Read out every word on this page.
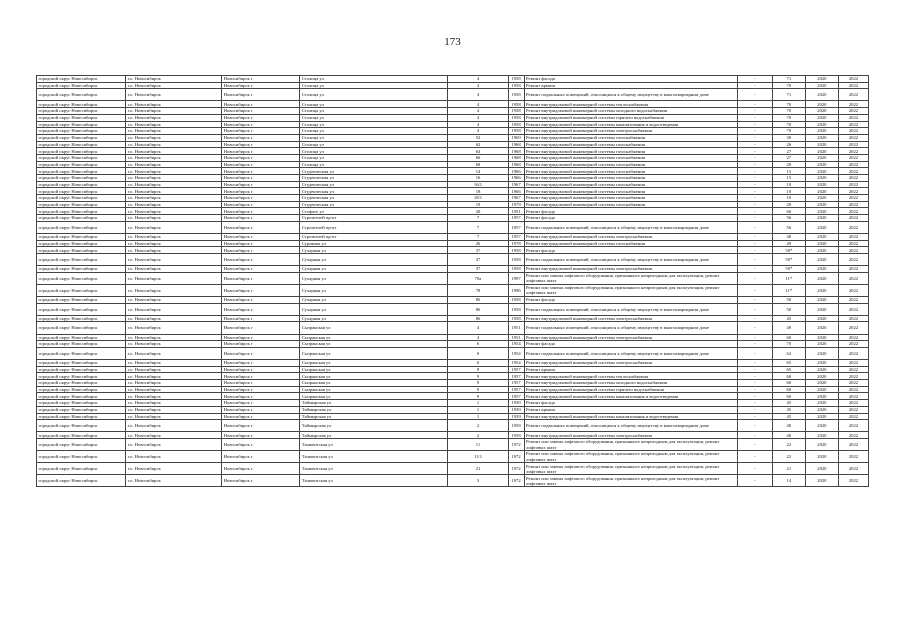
173
городской округ Новосибирск	г.о. Новосибирск	Новосибирск г	Столица ул	4	1958	Ремонт фасада	-	71	2020	2022
городской округ Новосибирск	г.о. Новосибирск	Новосибирск г	Столица ул	4	1958	Ремонт крыши	-	70	2020	2022
городской округ Новосибирск	г.о. Новосибирск	Новосибирск г	Столица ул	4	1958	Ремонт подвальных помещений, относящихся к общему имуществу в многоквартирном доме	-	71	2020	2022
городской округ Новосибирск	г.о. Новосибирск	Новосибирск г	Столица ул	4	1958	Ремонт внутридомовой инженерной системы теплоснабжения	-	70	2020	2022
городской округ Новосибирск	г.о. Новосибирск	Новосибирск г	Столица ул	4	1958	Ремонт внутридомовой инженерной системы холодного водоснабжения	-	70	2020	2022
городской округ Новосибирск	г.о. Новосибирск	Новосибирск г	Столица ул	4	1958	Ремонт внутридомовой инженерной системы горячего водоснабжения	-	70	2020	2022
городской округ Новосибирск	г.о. Новосибирск	Новосибирск г	Столица ул	4	1958	Ремонт внутридомовой инженерной системы канализования и водоотведения	-	70	2020	2022
городской округ Новосибирск	г.о. Новосибирск	Новосибирск г	Столица ул	4	1958	Ремонт внутридомовой инженерной системы электроснабжения	-	70	2020	2022
городской округ Новосибирск	г.о. Новосибирск	Новосибирск г	Столица ул	52	1969	Ремонт внутридомовой инженерной системы газоснабжения	-	30	2020	2022
городской округ Новосибирск	г.о. Новосибирск	Новосибирск г	Столица ул	62	1968	Ремонт внутридомовой инженерной системы газоснабжения	-	26	2020	2022
городской округ Новосибирск	г.о. Новосибирск	Новосибирск г	Столица ул	64	1968	Ремонт внутридомовой инженерной системы газоснабжения	-	27	2020	2022
городской округ Новосибирск	г.о. Новосибирск	Новосибирск г	Столица ул	66	1968	Ремонт внутридомовой инженерной системы газоснабжения	-	27	2020	2022
городской округ Новосибирск	г.о. Новосибирск	Новосибирск г	Столица ул	68	1968	Ремонт внутридомовой инженерной системы газоснабжения	-	20	2020	2022
городской округ Новосибирск	г.о. Новосибирск	Новосибирск г	Студенческая ул	14	1966	Ремонт внутридомовой инженерной системы газоснабжения	-	15	2020	2022
городской округ Новосибирск	г.о. Новосибирск	Новосибирск г	Студенческая ул	16	1966	Ремонт внутридомовой инженерной системы газоснабжения	-	15	2020	2022
городской округ Новосибирск	г.о. Новосибирск	Новосибирск г	Студенческая ул	16/1	1967	Ремонт внутридомовой инженерной системы газоснабжения	-	10	2020	2022
городской округ Новосибирск	г.о. Новосибирск	Новосибирск г	Студенческая ул	18	1966	Ремонт внутридомовой инженерной системы газоснабжения	-	10	2020	2022
городской округ Новосибирск	г.о. Новосибирск	Новосибирск г	Студенческая ул	18/1	1967	Ремонт внутридомовой инженерной системы газоснабжения	-	10	2020	2022
городской округ Новосибирск	г.о. Новосибирск	Новосибирск г	Студенческая ул	19	1979	Ремонт внутридомовой инженерной системы газоснабжения	-	20	2020	2022
городской округ Новосибирск	г.о. Новосибирск	Новосибирск г	Стофато ул	20	1951	Ремонт фасада	-	60	2020	2022
городской округ Новосибирск	г.о. Новосибирск	Новосибирск г	Строителей пр-кт	7	1957	Ремонт фасада	-	56	2020	2022
городской округ Новосибирск	г.о. Новосибирск	Новосибирск г	Строителей пр-кт	7	1957	Ремонт подвальных помещений, относящихся к общему имуществу в многоквартирном доме	-	56	2020	2022
городской округ Новосибирск	г.о. Новосибирск	Новосибирск г	Строителей пр-кт	7	1957	Ремонт внутридомовой инженерной системы электроснабжения	-	40	2020	2022
городской округ Новосибирск	г.о. Новосибирск	Новосибирск г	Сурикова ул	26	1978	Ремонт внутридомовой инженерной системы газоснабжения	-	49	2020	2022
городской округ Новосибирск	г.о. Новосибирск	Новосибирск г	Сухарная ул	37	1958	Ремонт фасада	-	50*	2020	2022
городской округ Новосибирск	г.о. Новосибирск	Новосибирск г	Сухарная ул	37	1958	Ремонт подвальных помещений, относящихся к общему имуществу в многоквартирном доме	-	50*	2020	2022
городской округ Новосибирск	г.о. Новосибирск	Новосибирск г	Сухарная ул	37	1958	Ремонт внутридомовой инженерной системы электроснабжения	-	50*	2020	2022
городской округ Новосибирск	г.о. Новосибирск	Новосибирск г	Сухарная ул	70а	1997	Ремонт или замена лифтового оборудования, признанного непригодным для эксплуатации, ремонт лифтовых шахт	-	11*	2020	2022
городской округ Новосибирск	г.о. Новосибирск	Новосибирск г	Сухарная ул	78	1996	Ремонт или замена лифтового оборудования, признанного непригодным для эксплуатации, ремонт лифтовых шахт	-	11*	2020	2022
городской округ Новосибирск	г.о. Новосибирск	Новосибирск г	Сухарная ул	86	1958	Ремонт фасада	-	50	2020	2022
городской округ Новосибирск	г.о. Новосибирск	Новосибирск г	Сухарная ул	86	1958	Ремонт подвальных помещений, относящихся к общему имуществу в многоквартирном доме	-	50	2020	2022
городской округ Новосибирск	г.о. Новосибирск	Новосибирск г	Сухарная ул	86	1958	Ремонт внутридомовой инженерной системы электроснабжения	-	45	2020	2022
городской округ Новосибирск	г.о. Новосибирск	Новосибирск г	Сызранская ул	4	1951	Ремонт подвальных помещений, относящихся к общему имуществу в многоквартирном доме	-	49	2020	2022
городской округ Новосибирск	г.о. Новосибирск	Новосибирск г	Сызранская ул	4	1951	Ремонт внутридомовой инженерной системы электроснабжения	-	60	2020	2022
городской округ Новосибирск	г.о. Новосибирск	Новосибирск г	Сызранская ул	6	1954	Ремонт фасада	-	70	2020	2022
городской округ Новосибирск	г.о. Новосибирск	Новосибирск г	Сызранская ул	6	1954	Ремонт подвальных помещений, относящихся к общему имуществу в многоквартирном доме	-	62	2020	2022
городской округ Новосибирск	г.о. Новосибирск	Новосибирск г	Сызранская ул	6	1954	Ремонт внутридомовой инженерной системы электроснабжения	-	65	2020	2022
городской округ Новосибирск	г.о. Новосибирск	Новосибирск г	Сызранская ул	9	1957	Ремонт крыши	-	65	2020	2022
городской округ Новосибирск	г.о. Новосибирск	Новосибирск г	Сызранская ул	9	1957	Ремонт внутридомовой инженерной системы теплоснабжения	-	60	2020	2022
городской округ Новосибирск	г.о. Новосибирск	Новосибирск г	Сызранская ул	9	1957	Ремонт внутридомовой инженерной системы холодного водоснабжения	-	60	2020	2022
городской округ Новосибирск	г.о. Новосибирск	Новосибирск г	Сызранская ул	9	1957	Ремонт внутридомовой инженерной системы горячего водоснабжения	-	60	2020	2022
городской округ Новосибирск	г.о. Новосибирск	Новосибирск г	Сызранская ул	9	1957	Ремонт внутридомовой инженерной системы канализования и водоотведения	-	60	2020	2022
городской округ Новосибирск	г.о. Новосибирск	Новосибирск г	Таймырская ул	1	1939	Ремонт фасада	-	45	2020	2022
городской округ Новосибирск	г.о. Новосибирск	Новосибирск г	Таймырская ул	1	1939	Ремонт крыши	-	45	2020	2022
городской округ Новосибирск	г.о. Новосибирск	Новосибирск г	Таймырская ул	1	1939	Ремонт внутридомовой инженерной системы канализования и водоотведения	-	45	2020	2022
городской округ Новосибирск	г.о. Новосибирск	Новосибирск г	Таймырская ул	2	1958	Ремонт подвальных помещений, относящихся к общему имуществу в многоквартирном доме	-	40	2020	2022
городской округ Новосибирск	г.о. Новосибирск	Новосибирск г	Таймырская ул	2	1958	Ремонт внутридомовой инженерной системы электроснабжения	-	40	2020	2022
городской округ Новосибирск	г.о. Новосибирск	Новосибирск г	Ташкентская ул	11	1972	Ремонт или замена лифтового оборудования, признанного непригодным для эксплуатации, ремонт лифтовых шахт	-	22	2020	2022
городской округ Новосибирск	г.о. Новосибирск	Новосибирск г	Ташкентская ул	11/1	1972	Ремонт или замена лифтового оборудования, признанного непригодным для эксплуатации, ремонт лифтовых шахт	-	22	2020	2022
городской округ Новосибирск	г.о. Новосибирск	Новосибирск г	Ташкентская ул	21	1972	Ремонт или замена лифтового оборудования, признанного непригодным для эксплуатации, ремонт лифтовых шахт	-	21	2020	2022
городской округ Новосибирск	г.о. Новосибирск	Новосибирск г	Ташкентская ул	3	1972	Ремонт или замена лифтового оборудования, признанного непригодным для эксплуатации, ремонт лифтовых шахт	-	14	2020	2022
